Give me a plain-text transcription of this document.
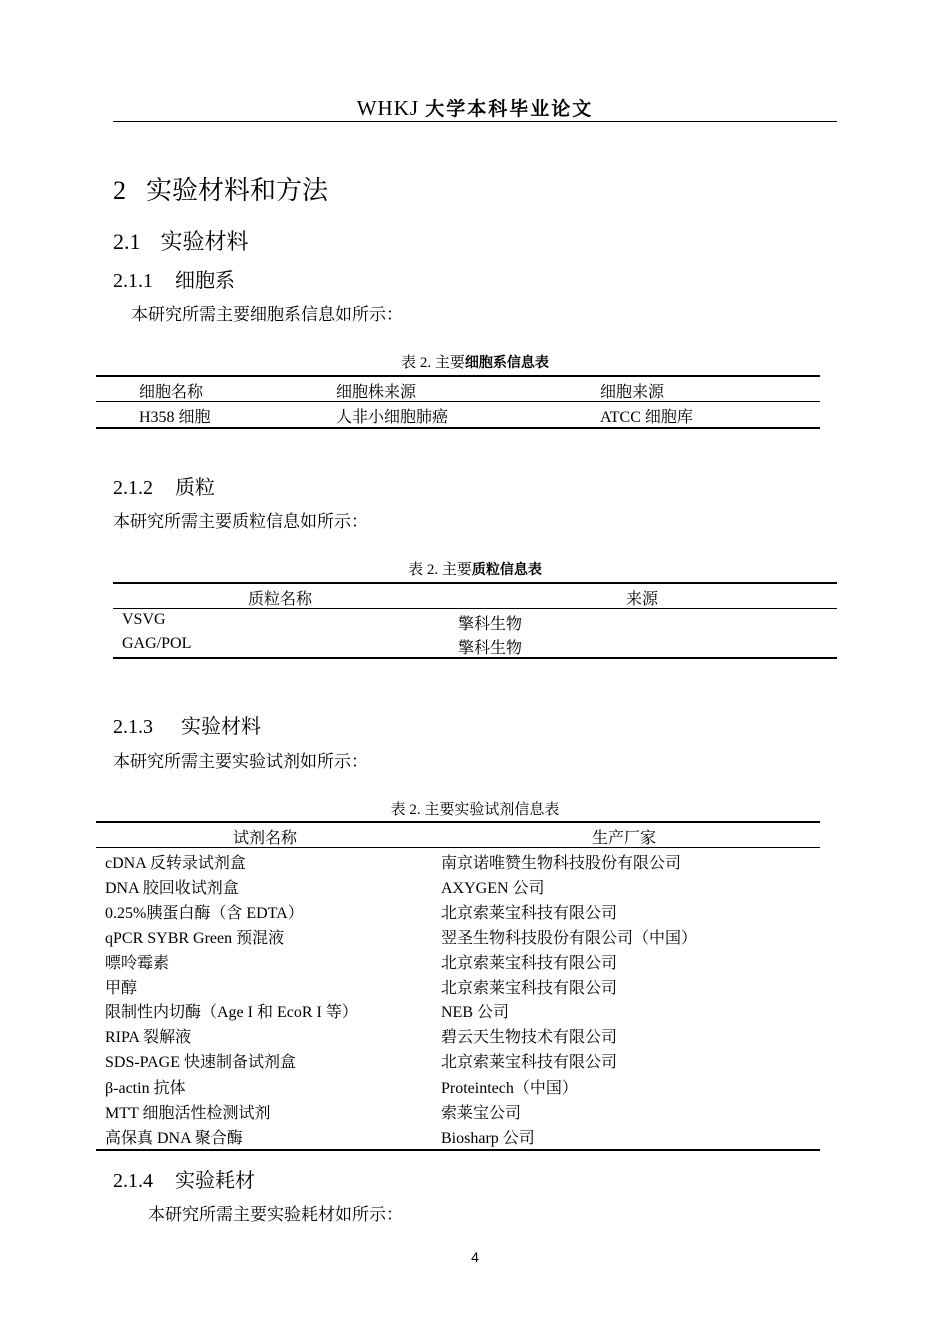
WHKJ 大学本科毕业论文
2 实验材料和方法
2.1 实验材料
2.1.1 细胞系
本研究所需主要细胞系信息如所示：
表 2. 主要细胞系信息表
细胞名称	细胞株来源	细胞来源
H358 细胞	人非小细胞肺癌	ATCC 细胞库
2.1.2 质粒
本研究所需主要质粒信息如所示：
表 2. 主要质粒信息表
质粒名称	来源
VSVG	擎科生物
GAG/POL	擎科生物
2.1.3 实验材料
本研究所需主要实验试剂如所示：
表 2. 主要实验试剂信息表
试剂名称	生产厂家
cDNA 反转录试剂盒	南京诺唯赞生物科技股份有限公司
DNA 胶回收试剂盒	AXYGEN 公司
0.25%胰蛋白酶（含 EDTA）	北京索莱宝科技有限公司
qPCR SYBR Green 预混液	翌圣生物科技股份有限公司（中国）
嘌呤霉素	北京索莱宝科技有限公司
甲醇	北京索莱宝科技有限公司
限制性内切酶（Age I 和 EcoR I 等）	NEB 公司
RIPA 裂解液	碧云天生物技术有限公司
SDS-PAGE 快速制备试剂盒	北京索莱宝科技有限公司
β-actin 抗体	Proteintech（中国）
MTT 细胞活性检测试剂	索莱宝公司
高保真 DNA 聚合酶	Biosharp 公司
2.1.4 实验耗材
本研究所需主要实验耗材如所示：
4
